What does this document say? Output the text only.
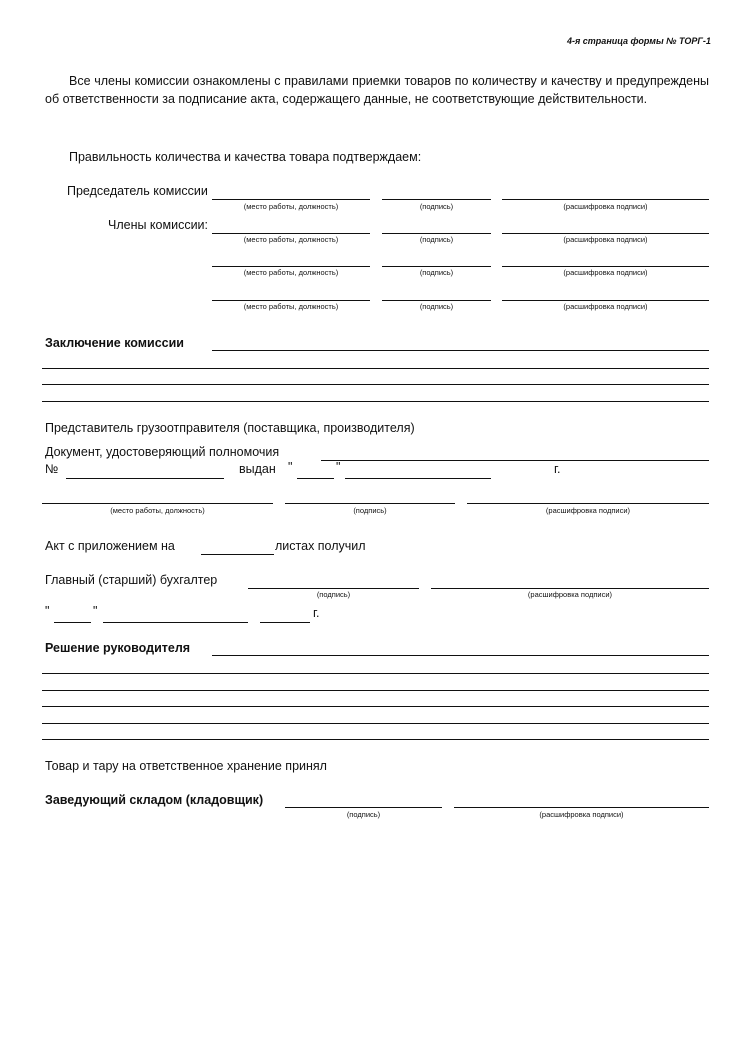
4-я страница формы № ТОРГ-1
Все члены комиссии ознакомлены с правилами приемки товаров по количеству и качеству и предупреждены об ответственности за подписание акта, содержащего данные, не соответствующие действительности.
Правильность количества и качества товара подтверждаем:
Председатель комиссии
(место работы, должность)	(подпись)	(расшифровка подписи)
Члены комиссии:
(место работы, должность)	(подпись)	(расшифровка подписи)
(место работы, должность)	(подпись)	(расшифровка подписи)
(место работы, должность)	(подпись)	(расшифровка подписи)
Заключение комиссии
Представитель грузоотправителя (поставщика, производителя)
Документ, удостоверяющий полномочия
№	выдан "	"	г.
(место работы, должность)	(подпись)	(расшифровка подписи)
Акт с приложением на	листах получил
Главный (старший) бухгалтер
(подпись)	(расшифровка подписи)
"	"	г.
Решение руководителя
Товар и тару на ответственное хранение принял
Заведующий складом (кладовщик)
(подпись)	(расшифровка подписи)
